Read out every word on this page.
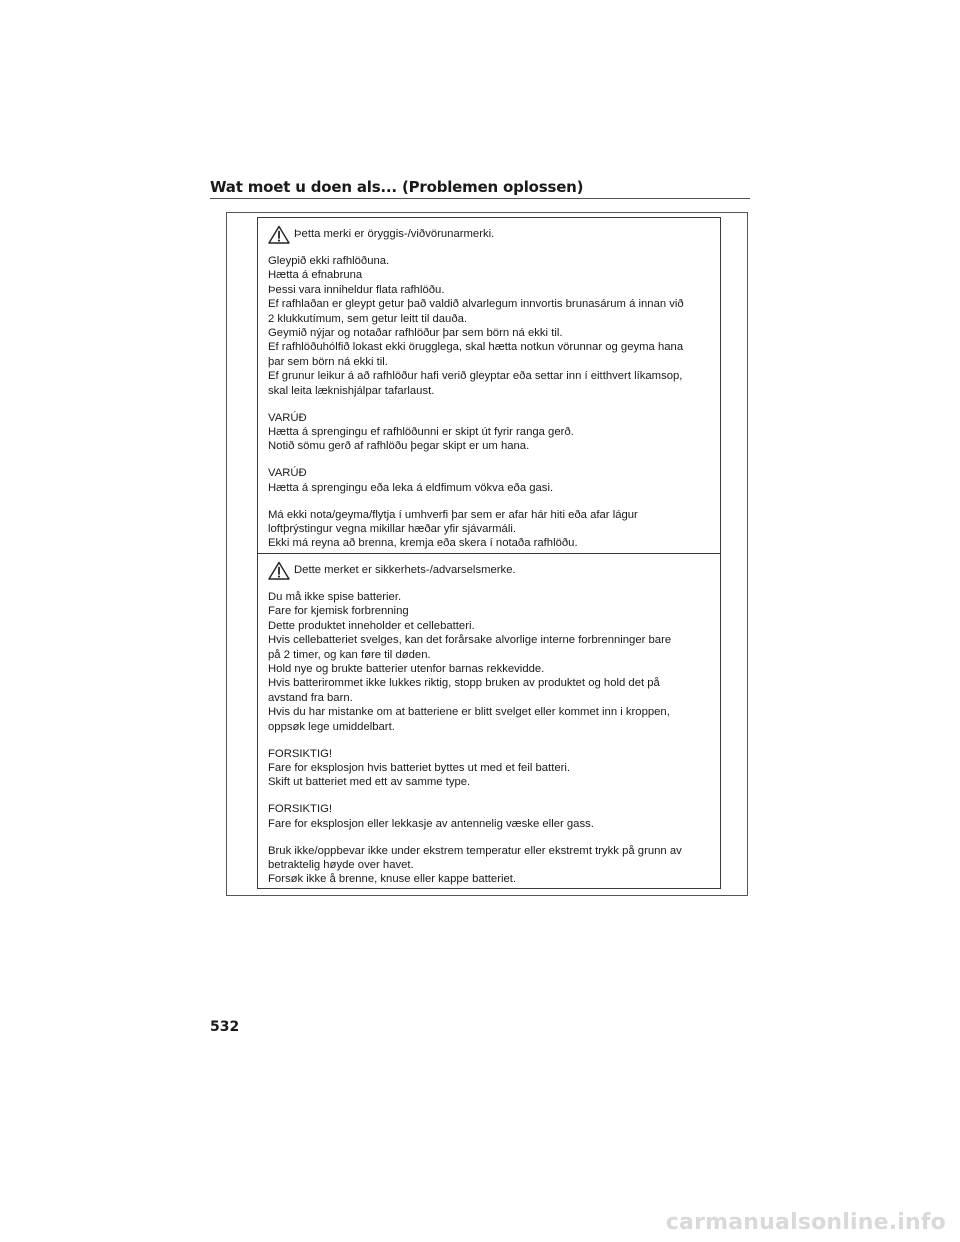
Wat moet u doen als... (Problemen oplossen)
Þetta merki er öryggis-/viðvörunarmerki.
Gleypið ekki rafhlöðuna.
Hætta á efnabruna
Þessi vara inniheldur flata rafhlöðu.
Ef rafhlaðan er gleypt getur það valdið alvarlegum innvortis brunasárum á innan við
2 klukkutímum, sem getur leitt til dauða.
Geymið nýjar og notaðar rafhlöður þar sem börn ná ekki til.
Ef rafhlöðuhólfið lokast ekki örugglega, skal hætta notkun vörunnar og geyma hana
þar sem börn ná ekki til.
Ef grunur leikur á að rafhlöður hafi verið gleyptar eða settar inn í eitthvert líkamsop,
skal leita læknishjálpar tafarlaust.
VARÚÐ
Hætta á sprengingu ef rafhlöðunni er skipt út fyrir ranga gerð.
Notið sömu gerð af rafhlöðu þegar skipt er um hana.
VARÚÐ
Hætta á sprengingu eða leka á eldfimum vökva eða gasi.
Má ekki nota/geyma/flytja í umhverfi þar sem er afar hár hiti eða afar lágur
loftþrýstingur vegna mikillar hæðar yfir sjávarmáli.
Ekki má reyna að brenna, kremja eða skera í notaða rafhlöðu.
Dette merket er sikkerhets-/advarselsmerke.
Du må ikke spise batterier.
Fare for kjemisk forbrenning
Dette produktet inneholder et cellebatteri.
Hvis cellebatteriet svelges, kan det forårsake alvorlige interne forbrenninger bare
på 2 timer, og kan føre til døden.
Hold nye og brukte batterier utenfor barnas rekkevidde.
Hvis batterirommet ikke lukkes riktig, stopp bruken av produktet og hold det på
avstand fra barn.
Hvis du har mistanke om at batteriene er blitt svelget eller kommet inn i kroppen,
oppsøk lege umiddelbart.
FORSIKTIG!
Fare for eksplosjon hvis batteriet byttes ut med et feil batteri.
Skift ut batteriet med ett av samme type.
FORSIKTIG!
Fare for eksplosjon eller lekkasje av antennelig væske eller gass.
Bruk ikke/oppbevar ikke under ekstrem temperatur eller ekstremt trykk på grunn av
betraktelig høyde over havet.
Forsøk ikke å brenne, knuse eller kappe batteriet.
532
carmanualsonline.info
